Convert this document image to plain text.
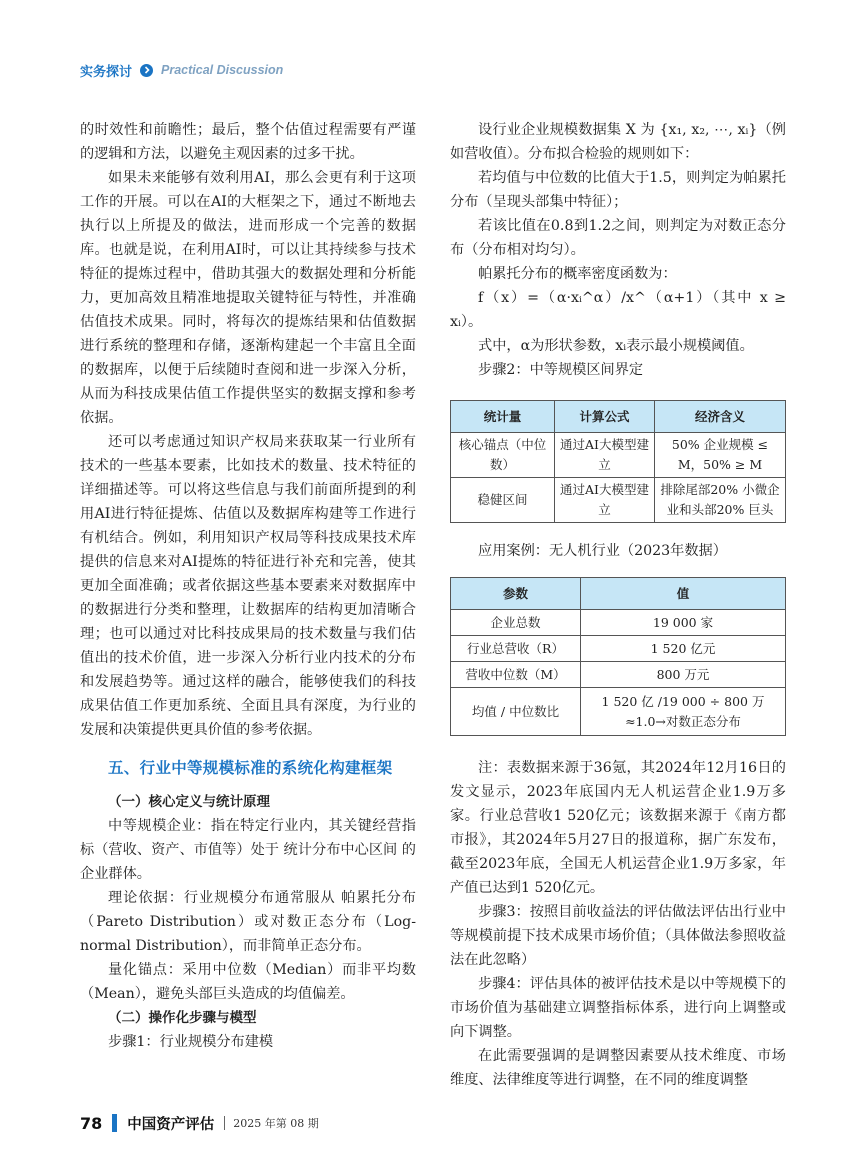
实务探讨 Practical Discussion

的时效性和前瞻性；最后，整个估值过程需要有严谨的逻辑和方法，以避免主观因素的过多干扰。

如果未来能够有效利用AI，那么会更有利于这项工作的开展。可以在AI的大框架之下，通过不断地去执行以上所提及的做法，进而形成一个完善的数据库。也就是说，在利用AI时，可以让其持续参与技术特征的提炼过程中，借助其强大的数据处理和分析能力，更加高效且精准地提取关键特征与特性，并准确估值技术成果。同时，将每次的提炼结果和估值数据进行系统的整理和存储，逐渐构建起一个丰富且全面的数据库，以便于后续随时查阅和进一步深入分析，从而为科技成果估值工作提供坚实的数据支撑和参考依据。

还可以考虑通过知识产权局来获取某一行业所有技术的一些基本要素，比如技术的数量、技术特征的详细描述等。可以将这些信息与我们前面所提到的利用AI进行特征提炼、估值以及数据库构建等工作进行有机结合。例如，利用知识产权局等科技成果技术库提供的信息来对AI提炼的特征进行补充和完善，使其更加全面准确；或者依据这些基本要素来对数据库中的数据进行分类和整理，让数据库的结构更加清晰合理；也可以通过对比科技成果局的技术数量与我们估值出的技术价值，进一步深入分析行业内技术的分布和发展趋势等。通过这样的融合，能够使我们的科技成果估值工作更加系统、全面且具有深度，为行业的发展和决策提供更具价值的参考依据。

五、行业中等规模标准的系统化构建框架

（一）核心定义与统计原理

中等规模企业：指在特定行业内，其关键经营指标（营收、资产、市值等）处于 统计分布中心区间 的企业群体。

理论依据：行业规模分布通常服从 帕累托分布（Pareto Distribution）或对数正态分布（Log-normal Distribution），而非简单正态分布。

量化锚点：采用中位数（Median）而非平均数（Mean），避免头部巨头造成的均值偏差。

（二）操作化步骤与模型

步骤1：行业规模分布建模

设行业企业规模数据集 X 为 {x₁, x₂, ⋯, xᵢ}（例如营收值）。分布拟合检验的规则如下：

若均值与中位数的比值大于1.5，则判定为帕累托分布（呈现头部集中特征）；

若该比值在0.8到1.2之间，则判定为对数正态分布（分布相对均匀）。

帕累托分布的概率密度函数为：

f（x）=（α·xᵢ^α）/x^（α+1）（其中 x ≥ xᵢ）。

式中，α为形状参数，xᵢ表示最小规模阈值。

步骤2：中等规模区间界定

统计量	计算公式	经济含义
核心锚点（中位数）	通过AI大模型建立	50% 企业规模 ≤ M，50% ≥ M
稳健区间	通过AI大模型建立	排除尾部20% 小微企业和头部20% 巨头

应用案例：无人机行业（2023年数据）

参数	值
企业总数	19 000 家
行业总营收（R）	1 520 亿元
营收中位数（M）	800 万元
均值 / 中位数比	1 520 亿 /19 000 ÷ 800 万 ≈1.0→对数正态分布

注：表数据来源于36氪，其2024年12月16日的发文显示，2023年底国内无人机运营企业1.9万多家。行业总营收1 520亿元；该数据来源于《南方都市报》，其2024年5月27日的报道称，据广东发布，截至2023年底，全国无人机运营企业1.9万多家，年产值已达到1 520亿元。

步骤3：按照目前收益法的评估做法评估出行业中等规模前提下技术成果市场价值；（具体做法参照收益法在此忽略）

步骤4：评估具体的被评估技术是以中等规模下的市场价值为基础建立调整指标体系，进行向上调整或向下调整。

在此需要强调的是调整因素要从技术维度、市场维度、法律维度等进行调整，在不同的维度调整

78 中国资产评估 2025 年第 08 期
